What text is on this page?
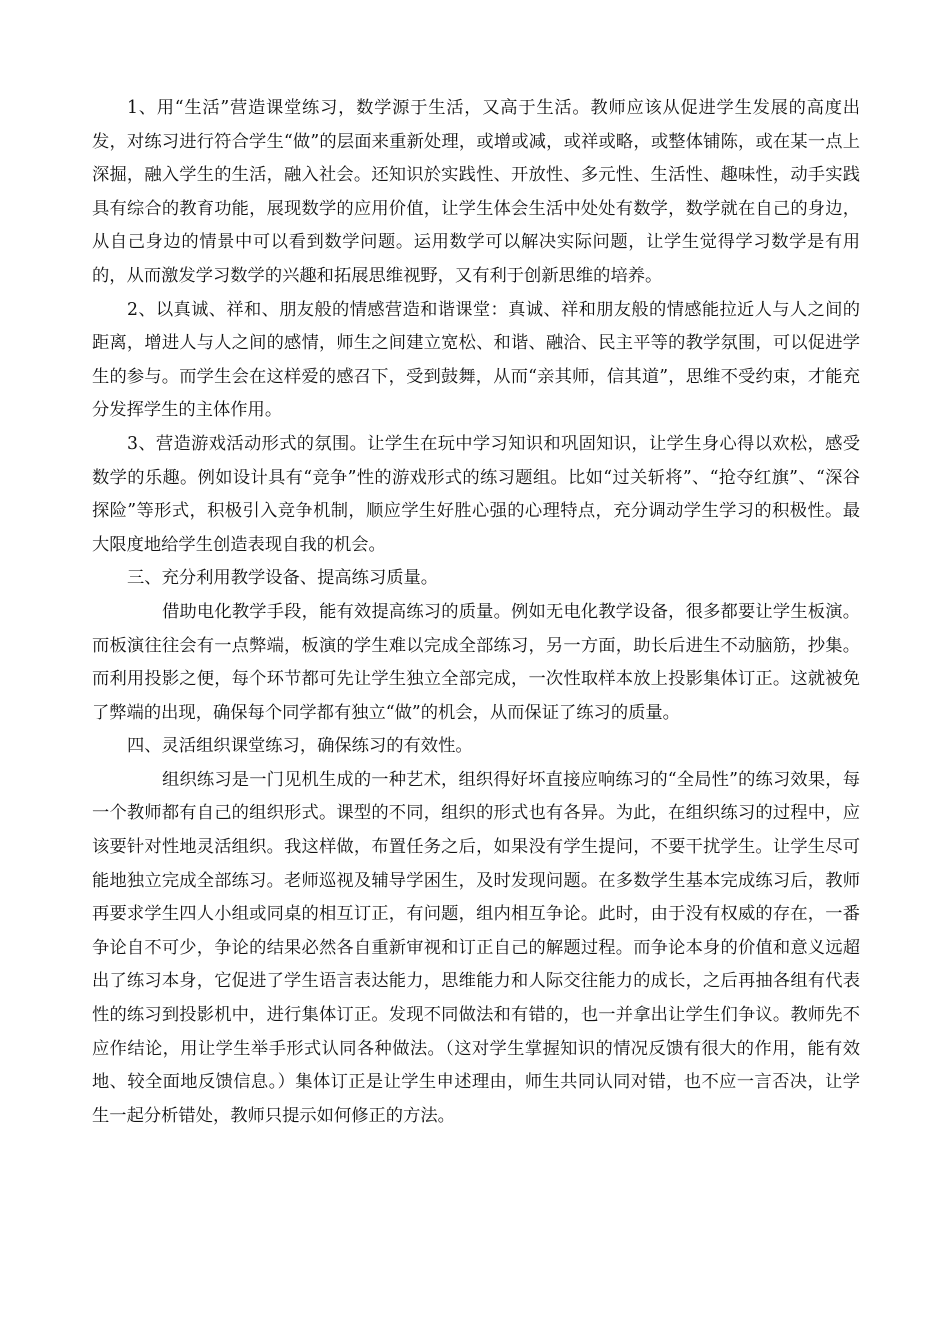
1、用“生活”营造课堂练习，数学源于生活，又高于生活。教师应该从促进学生发展的高度出发，对练习进行符合学生“做”的层面来重新处理，或增或减，或祥或略，或整体铺陈，或在某一点上深掘，融入学生的生活，融入社会。还知识於实践性、开放性、多元性、生活性、趣味性，动手实践具有综合的教育功能，展现数学的应用价值，让学生体会生活中处处有数学，数学就在自己的身边，从自己身边的情景中可以看到数学问题。运用数学可以解决实际问题，让学生觉得学习数学是有用的，从而激发学习数学的兴趣和拓展思维视野，又有利于创新思维的培养。

2、以真诚、祥和、朋友般的情感营造和谐课堂：真诚、祥和朋友般的情感能拉近人与人之间的距离，增进人与人之间的感情，师生之间建立宽松、和谐、融洽、民主平等的教学氛围，可以促进学生的参与。而学生会在这样爱的感召下，受到鼓舞，从而“亲其师，信其道”，思维不受约束，才能充分发挥学生的主体作用。

3、营造游戏活动形式的氛围。让学生在玩中学习知识和巩固知识，让学生身心得以欢松，感受数学的乐趣。例如设计具有“竞争”性的游戏形式的练习题组。比如“过关斩将”、“抢夺红旗”、“深谷探险”等形式，积极引入竞争机制，顺应学生好胜心强的心理特点，充分调动学生学习的积极性。最大限度地给学生创造表现自我的机会。

三、充分利用教学设备、提高练习质量。

借助电化教学手段，能有效提高练习的质量。例如无电化教学设备，很多都要让学生板演。而板演往往会有一点弊端，板演的学生难以完成全部练习，另一方面，助长后进生不动脑筋，抄集。而利用投影之便，每个环节都可先让学生独立全部完成，一次性取样本放上投影集体订正。这就被免了弊端的出现，确保每个同学都有独立“做”的机会，从而保证了练习的质量。

四、灵活组织课堂练习，确保练习的有效性。

组织练习是一门见机生成的一种艺术，组织得好坏直接应响练习的“全局性”的练习效果，每一个教师都有自己的组织形式。课型的不同，组织的形式也有各异。为此，在组织练习的过程中，应该要针对性地灵活组织。我这样做，布置任务之后，如果没有学生提问，不要干扰学生。让学生尽可能地独立完成全部练习。老师巡视及辅导学困生，及时发现问题。在多数学生基本完成练习后，教师再要求学生四人小组或同桌的相互订正，有问题，组内相互争论。此时，由于没有权威的存在，一番争论自不可少，争论的结果必然各自重新审视和订正自己的解题过程。而争论本身的价值和意义远超出了练习本身，它促进了学生语言表达能力，思维能力和人际交往能力的成长，之后再抽各组有代表性的练习到投影机中，进行集体订正。发现不同做法和有错的，也一并拿出让学生们争议。教师先不应作结论，用让学生举手形式认同各种做法。（这对学生掌握知识的情况反馈有很大的作用，能有效地、较全面地反馈信息。）集体订正是让学生申述理由，师生共同认同对错，也不应一言否决，让学生一起分析错处，教师只提示如何修正的方法。
